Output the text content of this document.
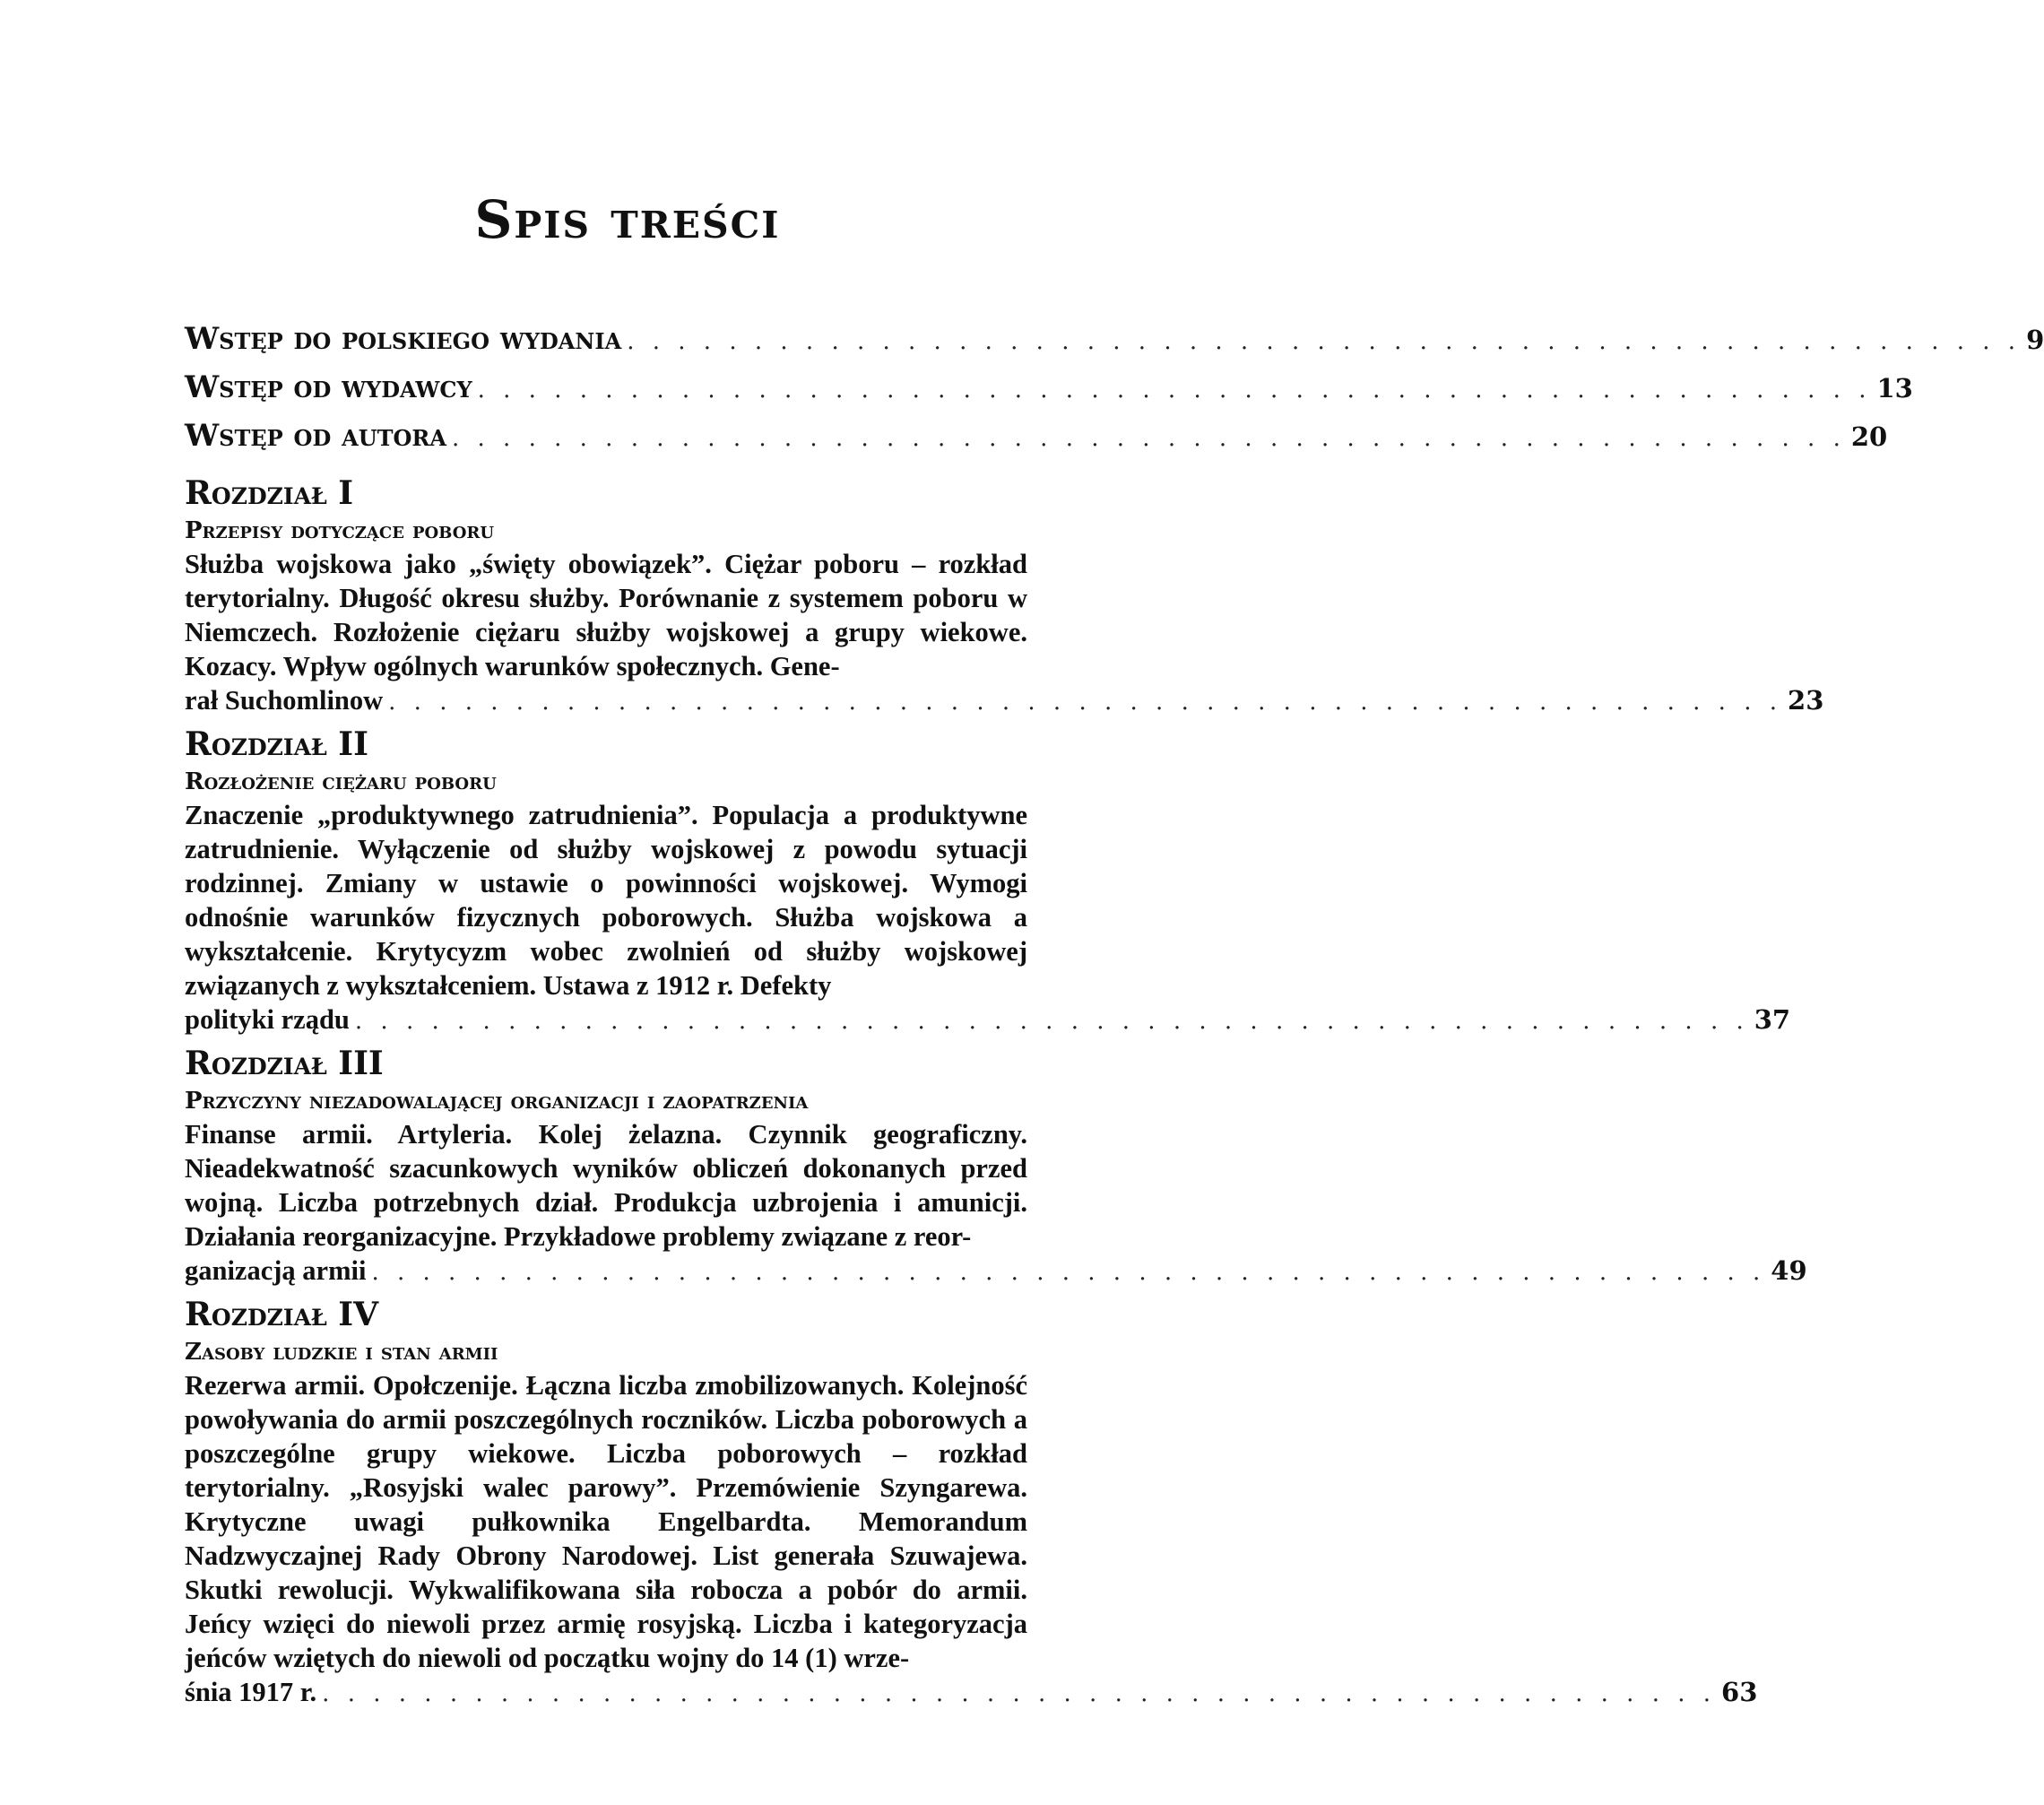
Spis treści
Wstęp do polskiego wydania . . . . . . . . . . . . . . . . . . . . . . . . . . . . . . . . . . . . . . . . . . . . . . . . . . . . . . . 9
Wstęp od wydawcy . . . . . . . . . . . . . . . . . . . . . . . . . . . . . . . . . . . . . . . . . . . . . . . . . . . . . . . 13
Wstęp od autora . . . . . . . . . . . . . . . . . . . . . . . . . . . . . . . . . . . . . . . . . . . . . . . . . . . . . . . 20
Rozdział I
Przepisy dotyczące poboru
Służba wojskowa jako „święty obowiązek”. Ciężar poboru – rozkład terytorialny. Długość okresu służby. Porównanie z systemem poboru w Niemczech. Rozłożenie ciężaru służby wojskowej a grupy wiekowe. Kozacy. Wpływ ogólnych warunków społecznych. Gene-
rał Suchomlinow . . . . . . . . . . . . . . . . . . . . . . . . . . . . . . . . . . . . . . . . . . . . . . . . . . . . . . . 23
Rozdział II
Rozłożenie ciężaru poboru
Znaczenie „produktywnego zatrudnienia”. Populacja a produktywne zatrudnienie. Wyłączenie od służby wojskowej z powodu sytuacji rodzinnej. Zmiany w ustawie o powinności wojskowej. Wymogi odnośnie warunków fizycznych poborowych. Służba wojskowa a wykształcenie. Krytycyzm wobec zwolnień od służby wojskowej związanych z wykształceniem. Ustawa z 1912 r. Defekty
polityki rządu . . . . . . . . . . . . . . . . . . . . . . . . . . . . . . . . . . . . . . . . . . . . . . . . . . . . . . . 37
Rozdział III
Przyczyny niezadowalającej organizacji i zaopatrzenia
Finanse armii. Artyleria. Kolej żelazna. Czynnik geograficzny. Nieadekwatność szacunkowych wyników obliczeń dokonanych przed wojną. Liczba potrzebnych dział. Produkcja uzbrojenia i amunicji. Działania reorganizacyjne. Przykładowe problemy związane z reor-
ganizacją armii . . . . . . . . . . . . . . . . . . . . . . . . . . . . . . . . . . . . . . . . . . . . . . . . . . . . . . . 49
Rozdział IV
Zasoby ludzkie i stan armii
Rezerwa armii. Opołczenije. Łączna liczba zmobilizowanych. Kolejność powoływania do armii poszczególnych roczników. Liczba poborowych a poszczególne grupy wiekowe. Liczba poborowych – rozkład terytorialny. „Rosyjski walec parowy”. Przemówienie Szyngarewa. Krytyczne uwagi pułkownika Engelbardta. Memorandum Nadzwyczajnej Rady Obrony Narodowej. List generała Szuwajewa. Skutki rewolucji. Wykwalifikowana siła robocza a pobór do armii. Jeńcy wzięci do niewoli przez armię rosyjską. Liczba i kategoryzacja jeńców wziętych do niewoli od początku wojny do 14 (1) wrze-
śnia 1917 r. . . . . . . . . . . . . . . . . . . . . . . . . . . . . . . . . . . . . . . . . . . . . . . . . . . . . . . . 63
